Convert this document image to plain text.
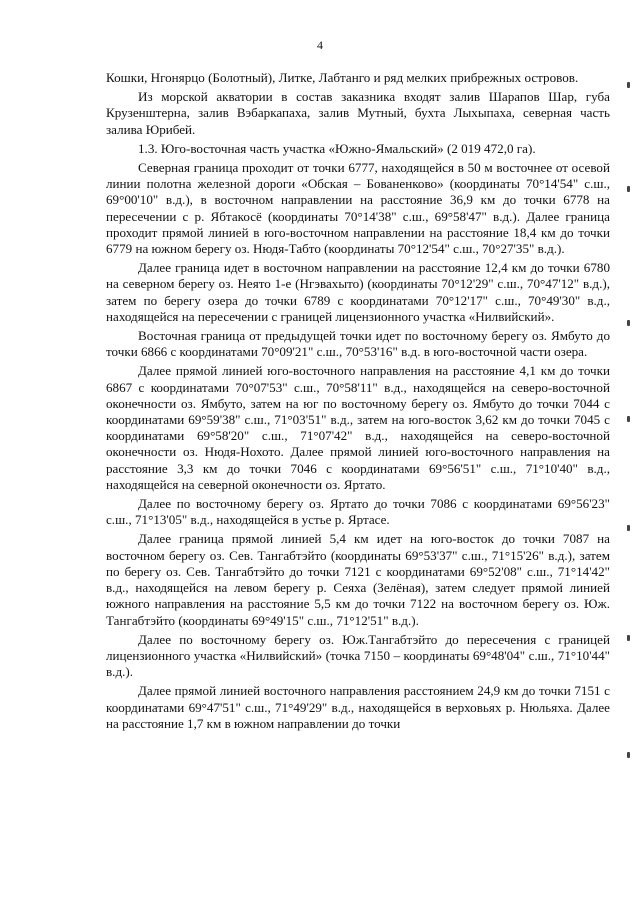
4

Кошки, Нгонярцо (Болотный), Литке, Лабтанго и ряд мелких прибрежных островов.

Из морской акватории в состав заказника входят залив Шарапов Шар, губа Крузенштерна, залив Вэбаркапаха, залив Мутный, бухта Лыхыпаха, северная часть залива Юрибей.

1.3. Юго-восточная часть участка «Южно-Ямальский» (2 019 472,0 га).

Северная граница проходит от точки 6777, находящейся в 50 м восточнее от осевой линии полотна железной дороги «Обская – Бованенково» (координаты 70°14'54" с.ш., 69°00'10" в.д.), в восточном направлении на расстояние 36,9 км до точки 6778 на пересечении с р. Ябтакосё (координаты 70°14'38" с.ш., 69°58'47" в.д.). Далее граница проходит прямой линией в юго-восточном направлении на расстояние 18,4 км до точки 6779 на южном берегу оз. Нюдя-Табто (координаты 70°12'54" с.ш., 70°27'35" в.д.).

Далее граница идет в восточном направлении на расстояние 12,4 км до точки 6780 на северном берегу оз. Неято 1-е (Нгэвахыто) (координаты 70°12'29" с.ш., 70°47'12" в.д.), затем по берегу озера до точки 6789 с координатами 70°12'17" с.ш., 70°49'30" в.д., находящейся на пересечении с границей лицензионного участка «Нилвийский».

Восточная граница от предыдущей точки идет по восточному берегу оз. Ямбуто до точки 6866 с координатами 70°09'21" с.ш., 70°53'16" в.д. в юго-восточной части озера.

Далее прямой линией юго-восточного направления на расстояние 4,1 км до точки 6867 с координатами 70°07'53" с.ш., 70°58'11" в.д., находящейся на северо-восточной оконечности оз. Ямбуто, затем на юг по восточному берегу оз. Ямбуто до точки 7044 с координатами 69°59'38" с.ш., 71°03'51" в.д., затем на юго-восток 3,62 км до точки 7045 с координатами 69°58'20" с.ш., 71°07'42" в.д., находящейся на северо-восточной оконечности оз. Нюдя-Нохото. Далее прямой линией юго-восточного направления на расстояние 3,3 км до точки 7046 с координатами 69°56'51" с.ш., 71°10'40" в.д., находящейся на северной оконечности оз. Яртато.

Далее по восточному берегу оз. Яртато до точки 7086 с координатами 69°56'23" с.ш., 71°13'05" в.д., находящейся в устье р. Яртасе.

Далее граница прямой линией 5,4 км идет на юго-восток до точки 7087 на восточном берегу оз. Сев. Тангабтэйто (координаты 69°53'37" с.ш., 71°15'26" в.д.), затем по берегу оз. Сев. Тангабтэйто до точки 7121 с координатами 69°52'08" с.ш., 71°14'42" в.д., находящейся на левом берегу р. Сеяха (Зелёная), затем следует прямой линией южного направления на расстояние 5,5 км до точки 7122 на восточном берегу оз. Юж. Тангабтэйто (координаты 69°49'15" с.ш., 71°12'51" в.д.).

Далее по восточному берегу оз. Юж.Тангабтэйто до пересечения с границей лицензионного участка «Нилвийский» (точка 7150 – координаты 69°48'04" с.ш., 71°10'44" в.д.).

Далее прямой линией восточного направления расстоянием 24,9 км до точки 7151 с координатами 69°47'51" с.ш., 71°49'29" в.д., находящейся в верховьях р. Нюльяха. Далее на расстояние 1,7 км в южном направлении до точки
